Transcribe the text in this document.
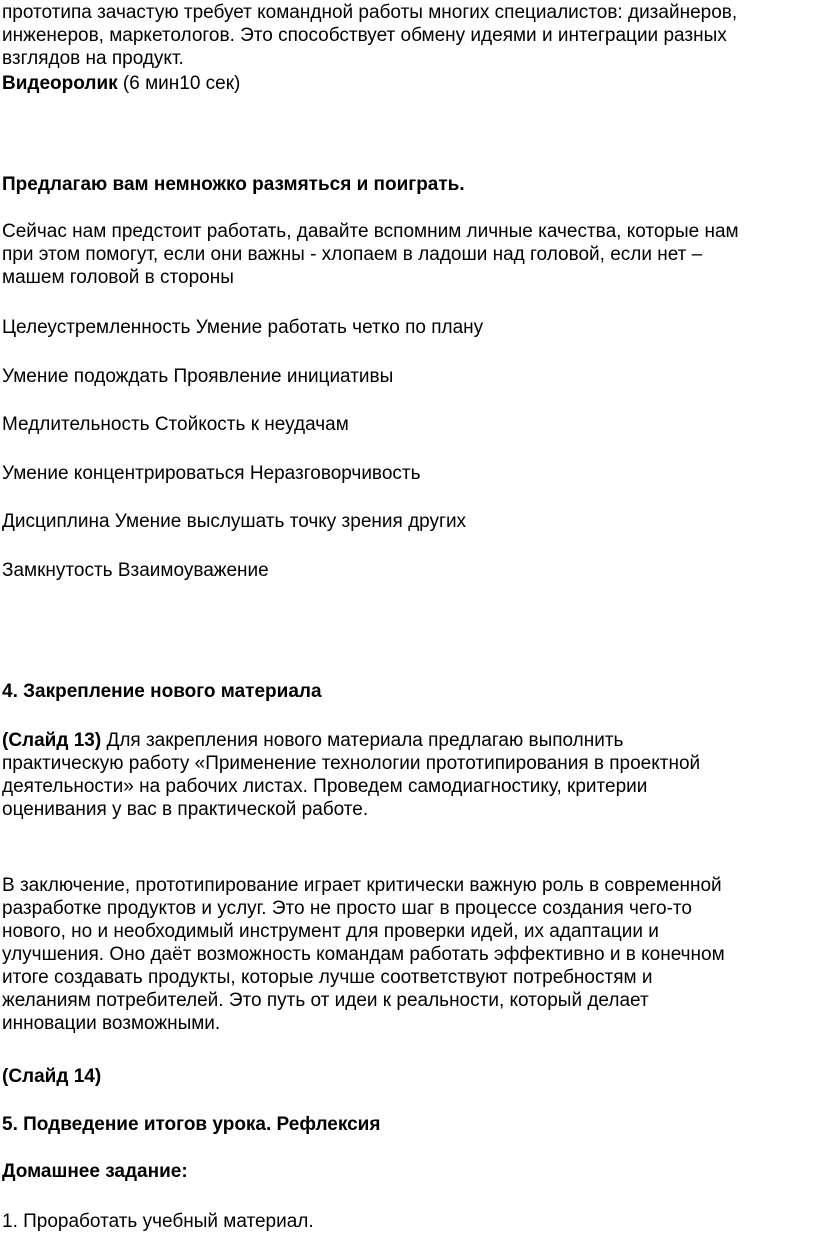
прототипа зачастую требует командной работы многих специалистов: дизайнеров,
инженеров, маркетологов. Это способствует обмену идеями и интеграции разных
взглядов на продукт.
Видеоролик (6 мин10 сек)
Предлагаю вам немножко размяться и поиграть.
Сейчас нам предстоит работать, давайте вспомним личные качества, которые нам
при этом помогут, если они важны - хлопаем в ладоши над головой, если нет –
машем головой в стороны
Целеустремленность Умение работать четко по плану
Умение подождать Проявление инициативы
Медлительность Стойкость к неудачам
Умение концентрироваться Неразговорчивость
Дисциплина Умение выслушать точку зрения других
Замкнутость Взаимоуважение
4. Закрепление нового материала
(Слайд 13) Для закрепления нового материала предлагаю выполнить
практическую работу «Применение технологии прототипирования в проектной
деятельности» на рабочих листах. Проведем самодиагностику, критерии
оценивания у вас в практической работе.
В заключение, прототипирование играет критически важную роль в современной
разработке продуктов и услуг. Это не просто шаг в процессе создания чего-то
нового, но и необходимый инструмент для проверки идей, их адаптации и
улучшения. Оно даёт возможность командам работать эффективно и в конечном
итоге создавать продукты, которые лучше соответствуют потребностям и
желаниям потребителей. Это путь от идеи к реальности, который делает
инновации возможными.
(Слайд 14)
5. Подведение итогов урока. Рефлексия
Домашнее задание:
1. Проработать учебный материал.
